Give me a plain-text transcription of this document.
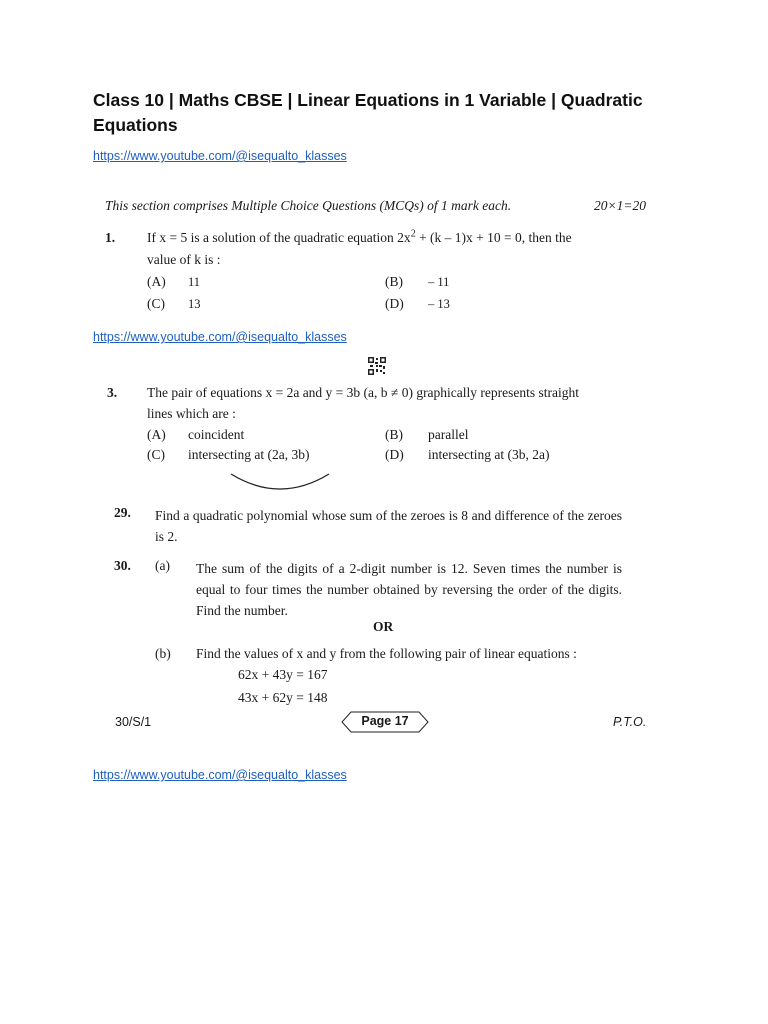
Class 10 | Maths CBSE | Linear Equations in 1 Variable | Quadratic Equations
https://www.youtube.com/@isequalto_klasses
This section comprises Multiple Choice Questions (MCQs) of 1 mark each.	20×1=20
1. If x = 5 is a solution of the quadratic equation $2x^2 + (k - 1)x + 10 = 0$, then the
value of k is :
(A) 11	(B) – 11
(C) 13	(D) – 13
https://www.youtube.com/@isequalto_klasses
3. The pair of equations x = 2a and y = 3b (a, b ≠ 0) graphically represents straight
lines which are :
(A) coincident	(B) parallel
(C) intersecting at (2a, 3b)	(D) intersecting at (3b, 2a)
29. Find a quadratic polynomial whose sum of the zeroes is 8 and difference of the zeroes is 2.
30. (a) The sum of the digits of a 2-digit number is 12. Seven times the number is equal to four times the number obtained by reversing the order of the digits. Find the number.
OR
(b) Find the values of x and y from the following pair of linear equations :
62x + 43y = 167
43x + 62y = 148
30/S/1	Page 17	P.T.O.
https://www.youtube.com/@isequalto_klasses
